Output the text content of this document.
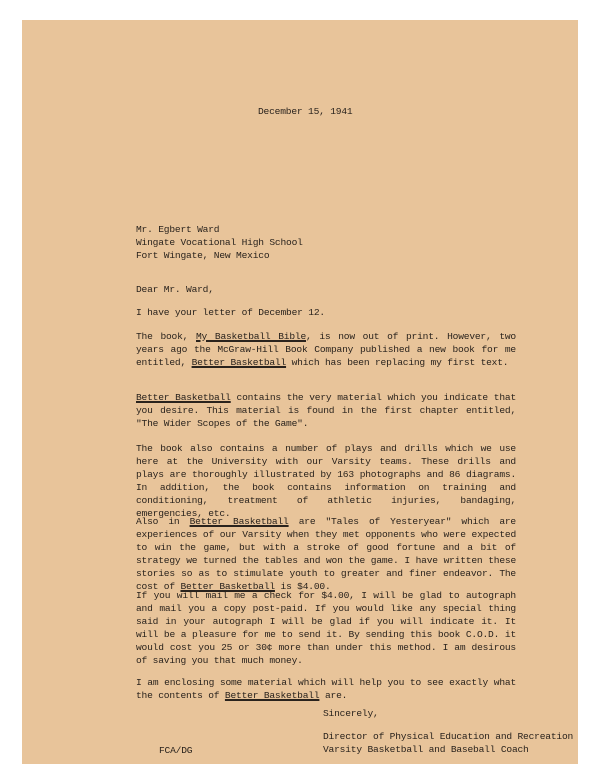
December 15, 1941
Mr. Egbert Ward
Wingate Vocational High School
Fort Wingate, New Mexico
Dear Mr. Ward,
I have your letter of December 12.
The book, My Basketball Bible, is now out of print. However, two years ago the McGraw-Hill Book Company published a new book for me entitled, Better Basketball which has been replacing my first text.
Better Basketball contains the very material which you indicate that you desire. This material is found in the first chapter entitled, "The Wider Scopes of the Game".
The book also contains a number of plays and drills which we use here at the University with our Varsity teams. These drills and plays are thoroughly illustrated by 163 photographs and 86 diagrams. In addition, the book contains information on training and conditioning, treatment of athletic injuries, bandaging, emergencies, etc.
Also in Better Basketball are "Tales of Yesteryear" which are experiences of our Varsity when they met opponents who were expected to win the game, but with a stroke of good fortune and a bit of strategy we turned the tables and won the game. I have written these stories so as to stimulate youth to greater and finer endeavor. The cost of Better Basketball is $4.00.
If you will mail me a check for $4.00, I will be glad to autograph and mail you a copy post-paid. If you would like any special thing said in your autograph I will be glad if you will indicate it. It will be a pleasure for me to send it. By sending this book C.O.D. it would cost you 25 or 30¢ more than under this method. I am desirous of saving you that much money.
I am enclosing some material which will help you to see exactly what the contents of Better Basketball are.
Sincerely,
Director of Physical Education and Recreation
Varsity Basketball and Baseball Coach
FCA/DG
